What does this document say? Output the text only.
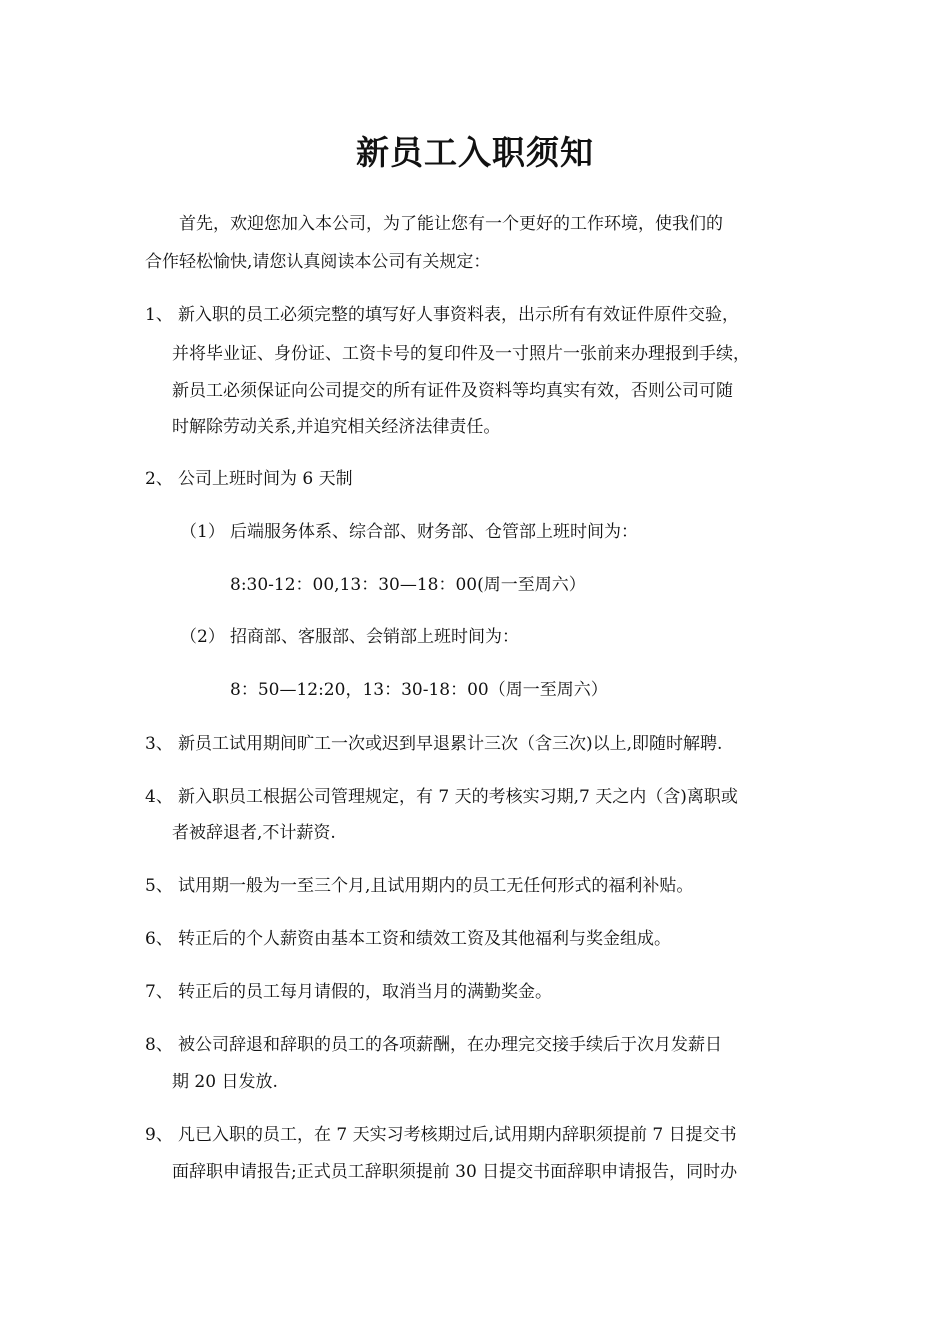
新员工入职须知
首先，欢迎您加入本公司，为了能让您有一个更好的工作环境，使我们的
合作轻松愉快,请您认真阅读本公司有关规定：
1、 新入职的员工必须完整的填写好人事资料表，出示所有有效证件原件交验，
并将毕业证、身份证、工资卡号的复印件及一寸照片一张前来办理报到手续，
新员工必须保证向公司提交的所有证件及资料等均真实有效，否则公司可随
时解除劳动关系,并追究相关经济法律责任。
2、 公司上班时间为 6 天制
（1） 后端服务体系、综合部、财务部、仓管部上班时间为：
8:30-12：00,13：30—18：00(周一至周六）
（2） 招商部、客服部、会销部上班时间为：
8：50—12:20，13：30-18：00（周一至周六）
3、 新员工试用期间旷工一次或迟到早退累计三次（含三次)以上,即随时解聘.
4、 新入职员工根据公司管理规定，有 7 天的考核实习期,7 天之内（含)离职或
者被辞退者,不计薪资.
5、 试用期一般为一至三个月,且试用期内的员工无任何形式的福利补贴。
6、 转正后的个人薪资由基本工资和绩效工资及其他福利与奖金组成。
7、 转正后的员工每月请假的，取消当月的满勤奖金。
8、 被公司辞退和辞职的员工的各项薪酬，在办理完交接手续后于次月发薪日
期 20 日发放.
9、 凡已入职的员工，在 7 天实习考核期过后,试用期内辞职须提前 7 日提交书
面辞职申请报告;正式员工辞职须提前 30 日提交书面辞职申请报告，同时办
